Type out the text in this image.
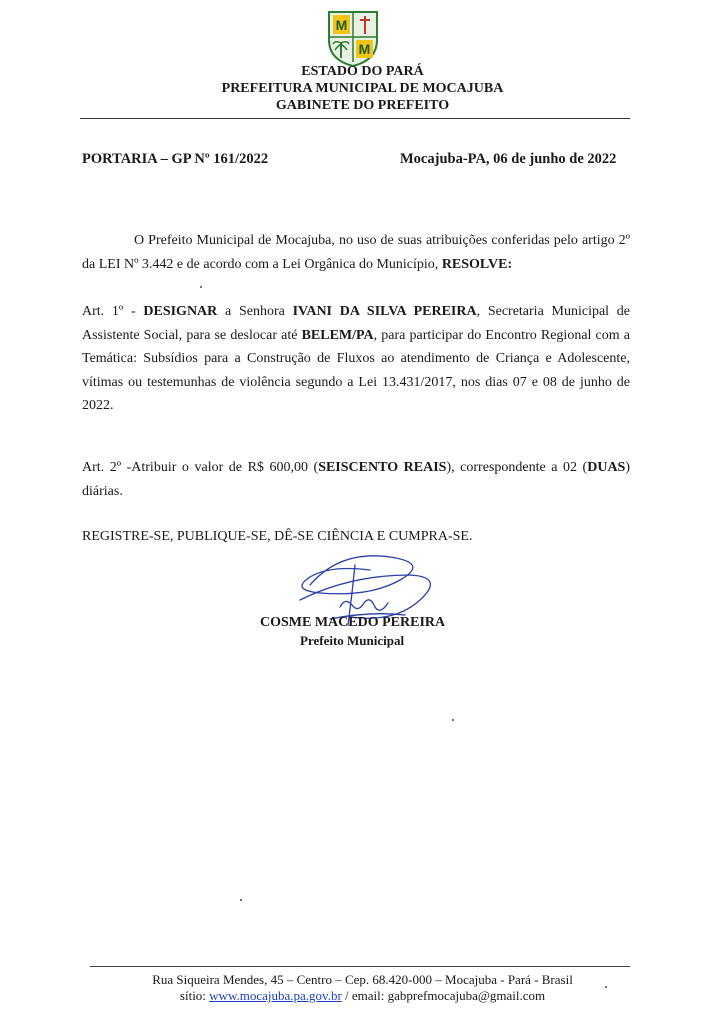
M
M
ESTADO DO PARÁ
PREFEITURA MUNICIPAL DE MOCAJUBA
GABINETE DO PREFEITO
PORTARIA – GP Nº 161/2022	Mocajuba-PA, 06 de junho de 2022
O Prefeito Municipal de Mocajuba, no uso de suas atribuições conferidas pelo artigo 2º da LEI Nº 3.442 e de acordo com a Lei Orgânica do Município, RESOLVE:
Art. 1º - DESIGNAR a Senhora IVANI DA SILVA PEREIRA, Secretaria Municipal de Assistente Social, para se deslocar até BELEM/PA, para participar do Encontro Regional com a Temática: Subsídios para a Construção de Fluxos ao atendimento de Criança e Adolescente, vítimas ou testemunhas de violência segundo a Lei 13.431/2017, nos dias 07 e 08 de junho de 2022.
Art. 2º -Atribuir o valor de R$ 600,00 (SEISCENTO REAIS), correspondente a 02 (DUAS) diárias.
REGISTRE-SE, PUBLIQUE-SE, DÊ-SE CIÊNCIA E CUMPRA-SE.
COSME MACEDO PEREIRA
Prefeito Municipal
Rua Siqueira Mendes, 45 – Centro – Cep. 68.420-000 – Mocajuba - Pará - Brasil
sítio: www.mocajuba.pa.gov.br / email: gabprefmocajuba@gmail.com
